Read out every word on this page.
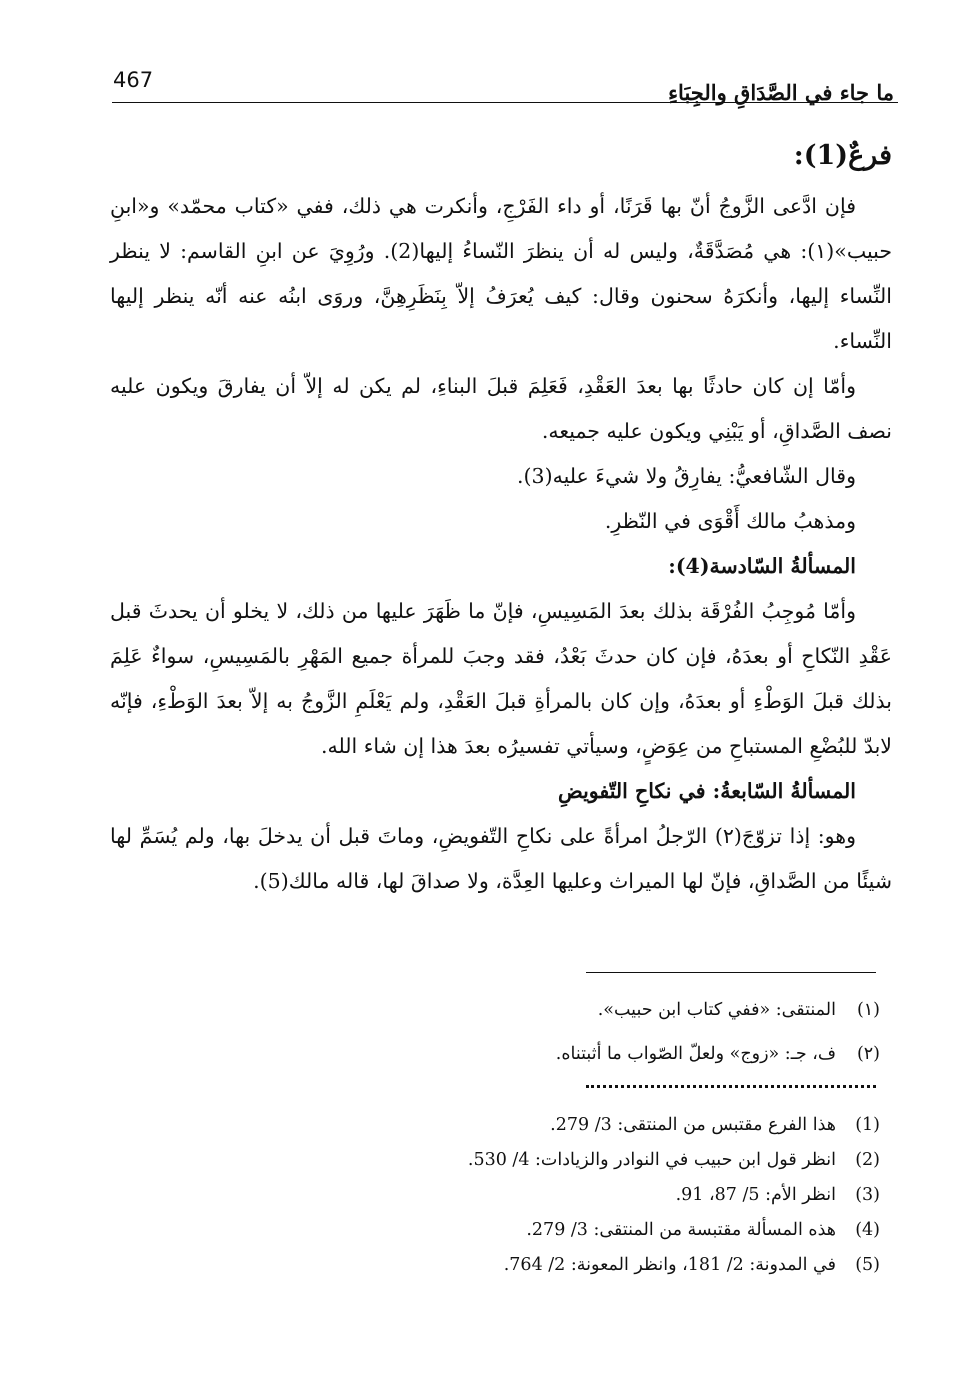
467	ما جاء في الصَّدَاقِ والجِبَاءِ

فرعٌ(1):

فإن ادَّعى الزَّوجُ أنّ بها قَرَنًا، أو داء الفَرْجِ، وأنكرت هي ذلك، ففي «كتاب محمّد» و«ابنِ حبيب»(١): هي مُصَدَّقَةٌ، وليس له أن ينظرَ النّساءُ إليها(2). ورُوِيَ عن ابنِ القاسم: لا ينظر النِّساء إليها، وأنكرَهُ سحنون وقال: كيف يُعرَفُ إلاّ بِنَظَرِهِنَّ، وروَى ابنُه عنه أنّه ينظر إليها النِّساء.

وأمّا إن كان حادثًا بها بعدَ العَقْدِ، فَعَلِمَ قبلَ البناءِ، لم يكن له إلاّ أن يفارقَ ويكون عليه نصف الصَّداقِ، أو يَبْنِي ويكون عليه جميعه.

وقال الشّافعيُّ: يفارِقُ ولا شيءَ عليه(3).

ومذهبُ مالك أَقْوَى في النّظرِ.

المسألةُ السّادسة(4):

وأمّا مُوجِبُ الفُرْقَة بذلك بعدَ المَسِيسِ، فإنّ ما ظَهَرَ عليها من ذلك، لا يخلو أن يحدثَ قبل عَقْدِ النّكاحِ أو بعدَهُ، فإن كان حدثَ بَعْدُ، فقد وجبَ للمرأة جميع المَهْرِ بالمَسِيسِ، سواءٌ عَلِمَ بذلك قبلَ الوَطْءِ أو بعدَهُ، وإن كان بالمرأةِ قبلَ العَقْدِ، ولم يَعْلَمِ الزَّوجُ به إلاّ بعدَ الوَطْءِ، فإنّه لابدّ للبُضْعِ المستباحِ من عِوَضٍ، وسيأتي تفسيرُه بعدَ هذا إن شاء الله.

المسألةُ السّابعةُ: في نكاحِ التّفويضِ

وهو: إذا تزوّجَ(٢) الرّجلُ امرأةً على نكاحِ التّفويضِ، وماتَ قبل أن يدخلَ بها، ولم يُسَمِّ لها شيئًا من الصَّداقِ، فإنّ لها الميراث وعليها العِدَّة، ولا صداقَ لها، قاله مالك(5).

(١)
المنتقى: «ففي كتاب ابن حبيب».
(٢)
ف، جـ: «زوج» ولعلّ الصّواب ما أثبتناه.
(1)
هذا الفرع مقتبس من المنتقى: 3/ 279.
(2)
انظر قول ابن حبيب في النوادر والزيادات: 4/ 530.
(3)
انظر الأم: 5/ 87، 91.
(4)
هذه المسألة مقتبسة من المنتقى: 3/ 279.
(5)
في المدونة: 2/ 181، وانظر المعونة: 2/ 764.
